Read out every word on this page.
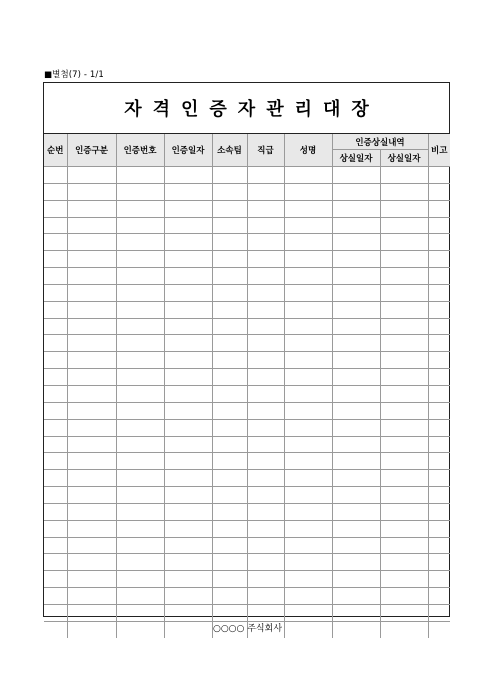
■별첨(7) - 1/1
자격인증자관리대장
순번	인증구분	인증번호	인증일자	소속팀	직급	성명	인증상실내역		비고
							상실일자	상실일자	

○○○○ 주식회사
